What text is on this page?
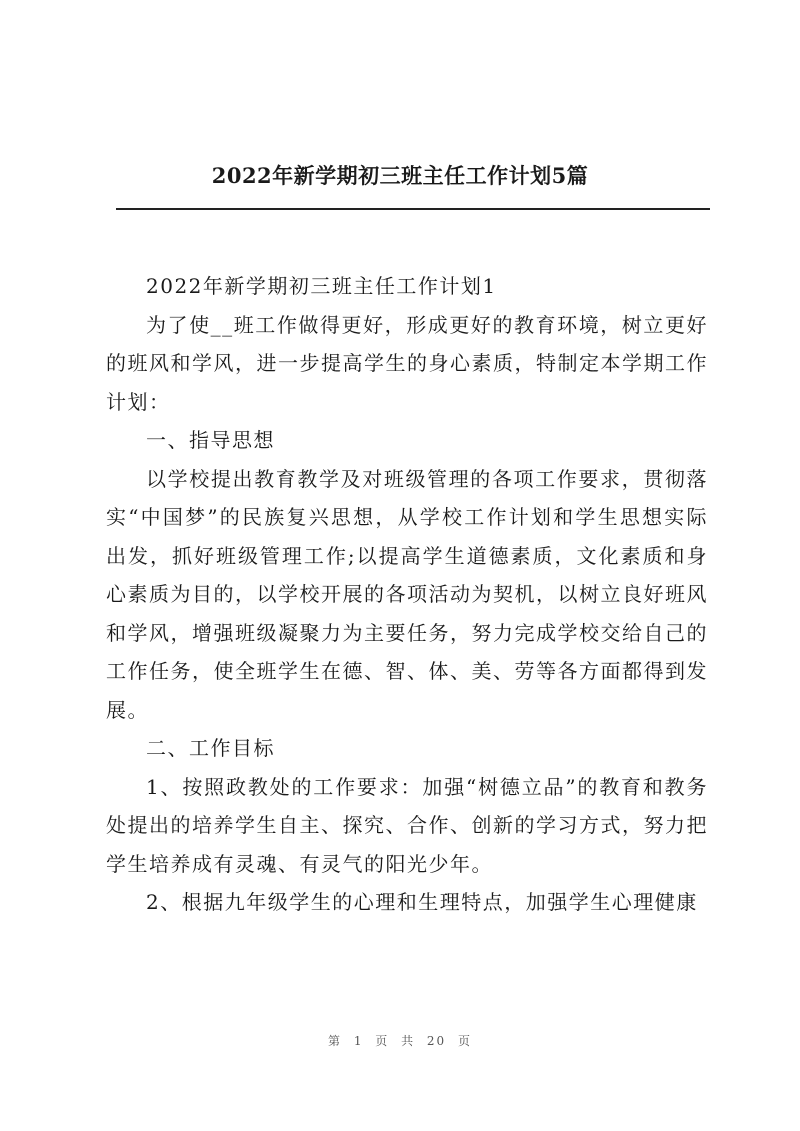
2022年新学期初三班主任工作计划5篇

2022年新学期初三班主任工作计划1

为了使__班工作做得更好，形成更好的教育环境，树立更好的班风和学风，进一步提高学生的身心素质，特制定本学期工作计划：

一、指导思想

以学校提出教育教学及对班级管理的各项工作要求，贯彻落实“中国梦”的民族复兴思想，从学校工作计划和学生思想实际出发，抓好班级管理工作;以提高学生道德素质，文化素质和身心素质为目的，以学校开展的各项活动为契机，以树立良好班风和学风，增强班级凝聚力为主要任务，努力完成学校交给自己的工作任务，使全班学生在德、智、体、美、劳等各方面都得到发展。

二、工作目标

1、按照政教处的工作要求：加强“树德立品”的教育和教务处提出的培养学生自主、探究、合作、创新的学习方式，努力把学生培养成有灵魂、有灵气的阳光少年。

2、根据九年级学生的心理和生理特点，加强学生心理健康

第 1 页 共 20 页
